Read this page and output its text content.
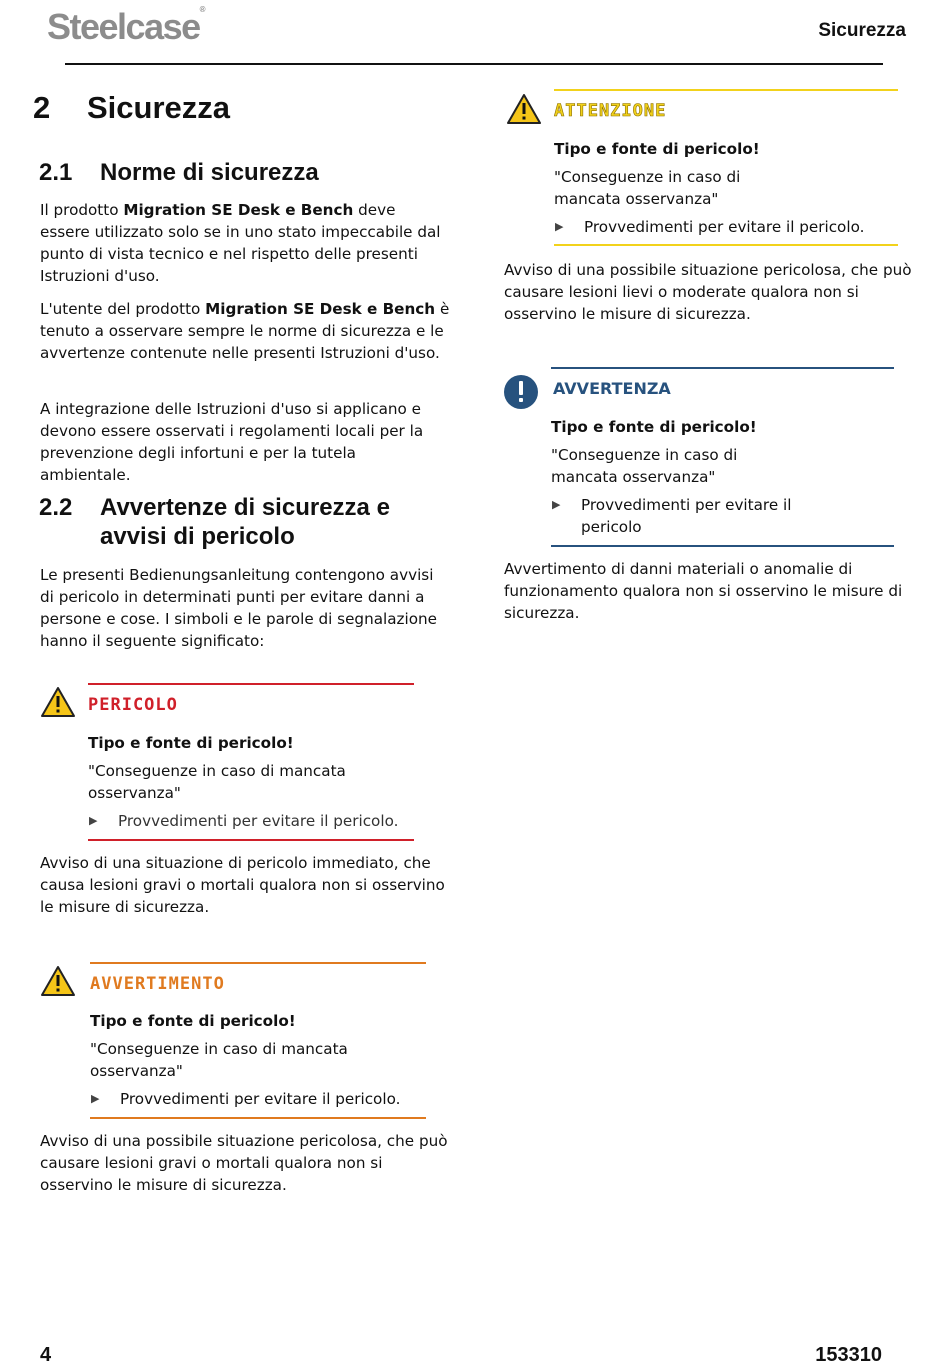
Steelcase®
Sicurezza
2 Sicurezza
2.1 Norme di sicurezza
Il prodotto Migration SE Desk e Bench deve essere utilizzato solo se in uno stato impeccabile dal punto di vista tecnico e nel rispetto delle presenti Istruzioni d'uso.
L'utente del prodotto Migration SE Desk e Bench è tenuto a osservare sempre le norme di sicurezza e le avvertenze contenute nelle presenti Istruzioni d'uso.
A integrazione delle Istruzioni d'uso si applicano e devono essere osservati i regolamenti locali per la prevenzione degli infortuni e per la tutela ambientale.
2.2 Avvertenze di sicurezza e
avvisi di pericolo
Le presenti Bedienungsanleitung contengono avvisi di pericolo in determinati punti per evitare danni a persone e cose. I simboli e le parole di segnalazione hanno il seguente significato:
PERICOLO
Tipo e fonte di pericolo!
"Conseguenze in caso di mancata osservanza"
▶ Provvedimenti per evitare il pericolo.
Avviso di una situazione di pericolo immediato, che causa lesioni gravi o mortali qualora non si osservino le misure di sicurezza.
AVVERTIMENTO
Tipo e fonte di pericolo!
"Conseguenze in caso di mancata osservanza"
▶ Provvedimenti per evitare il pericolo.
Avviso di una possibile situazione pericolosa, che può causare lesioni gravi o mortali qualora non si osservino le misure di sicurezza.
ATTENZIONE
Tipo e fonte di pericolo!
"Conseguenze in caso di mancata osservanza"
▶ Provvedimenti per evitare il pericolo.
Avviso di una possibile situazione pericolosa, che può causare lesioni lievi o moderate qualora non si osservino le misure di sicurezza.
AVVERTENZA
Tipo e fonte di pericolo!
"Conseguenze in caso di mancata osservanza"
▶ Provvedimenti per evitare il pericolo
Avvertimento di danni materiali o anomalie di funzionamento qualora non si osservino le misure di sicurezza.
4	153310
